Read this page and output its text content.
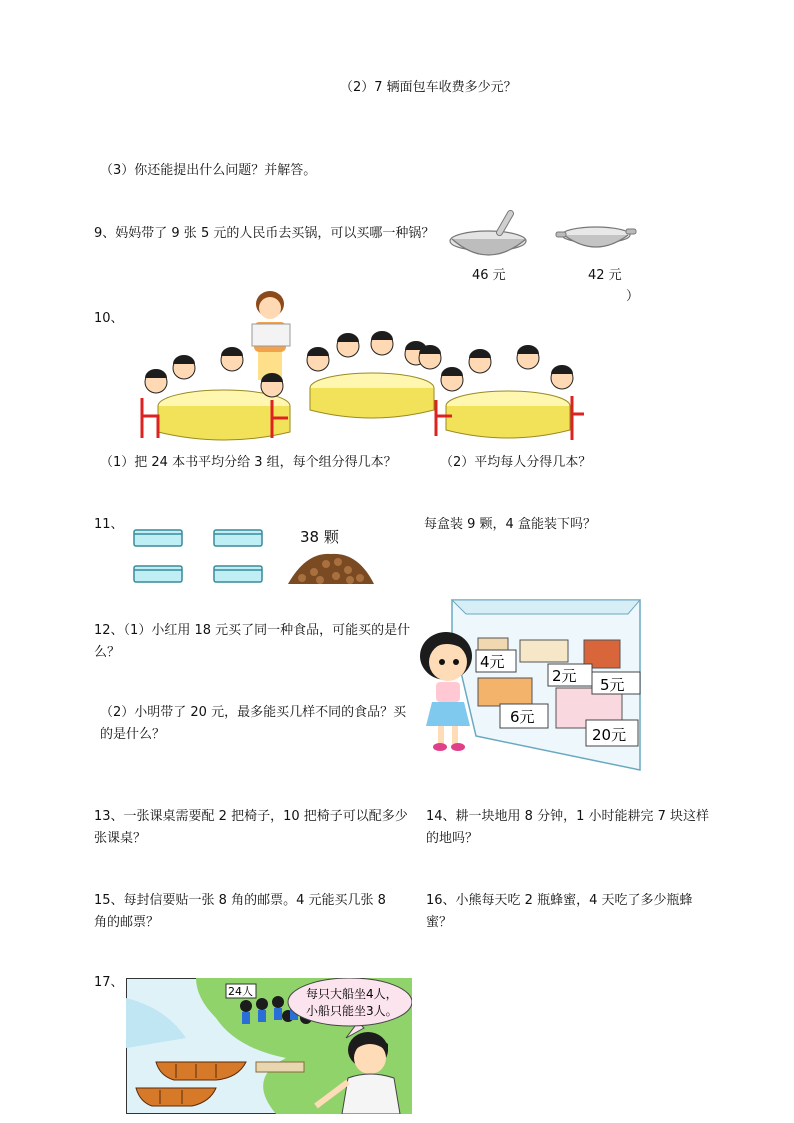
（2）7 辆面包车收费多少元？
（3）你还能提出什么问题？并解答。
9、妈妈带了 9 张 5 元的人民币去买锅，可以买哪一种锅？
46 元	42 元
）
10、
（1）把 24 本书平均分给 3 组，每个组分得几本？	（2）平均每人分得几本？
11、
38 颗
每盒装 9 颗，4 盒能装下吗？
12、（1）小红用 18 元买了同一种食品，可能买的是什么？
（2）小明带了 20 元，最多能买几样不同的食品？买的是什么？
4元
2元 5元
6元
20元
13、一张课桌需要配 2 把椅子，10 把椅子可以配多少张课桌？
14、耕一块地用 8 分钟，1 小时能耕完 7 块这样的地吗？
15、每封信要贴一张 8 角的邮票。4 元能买几张 8 角的邮票？
16、小熊每天吃 2 瓶蜂蜜，4 天吃了多少瓶蜂蜜？
17、
24人	每只大船坐4人，
小船只能坐3人。
